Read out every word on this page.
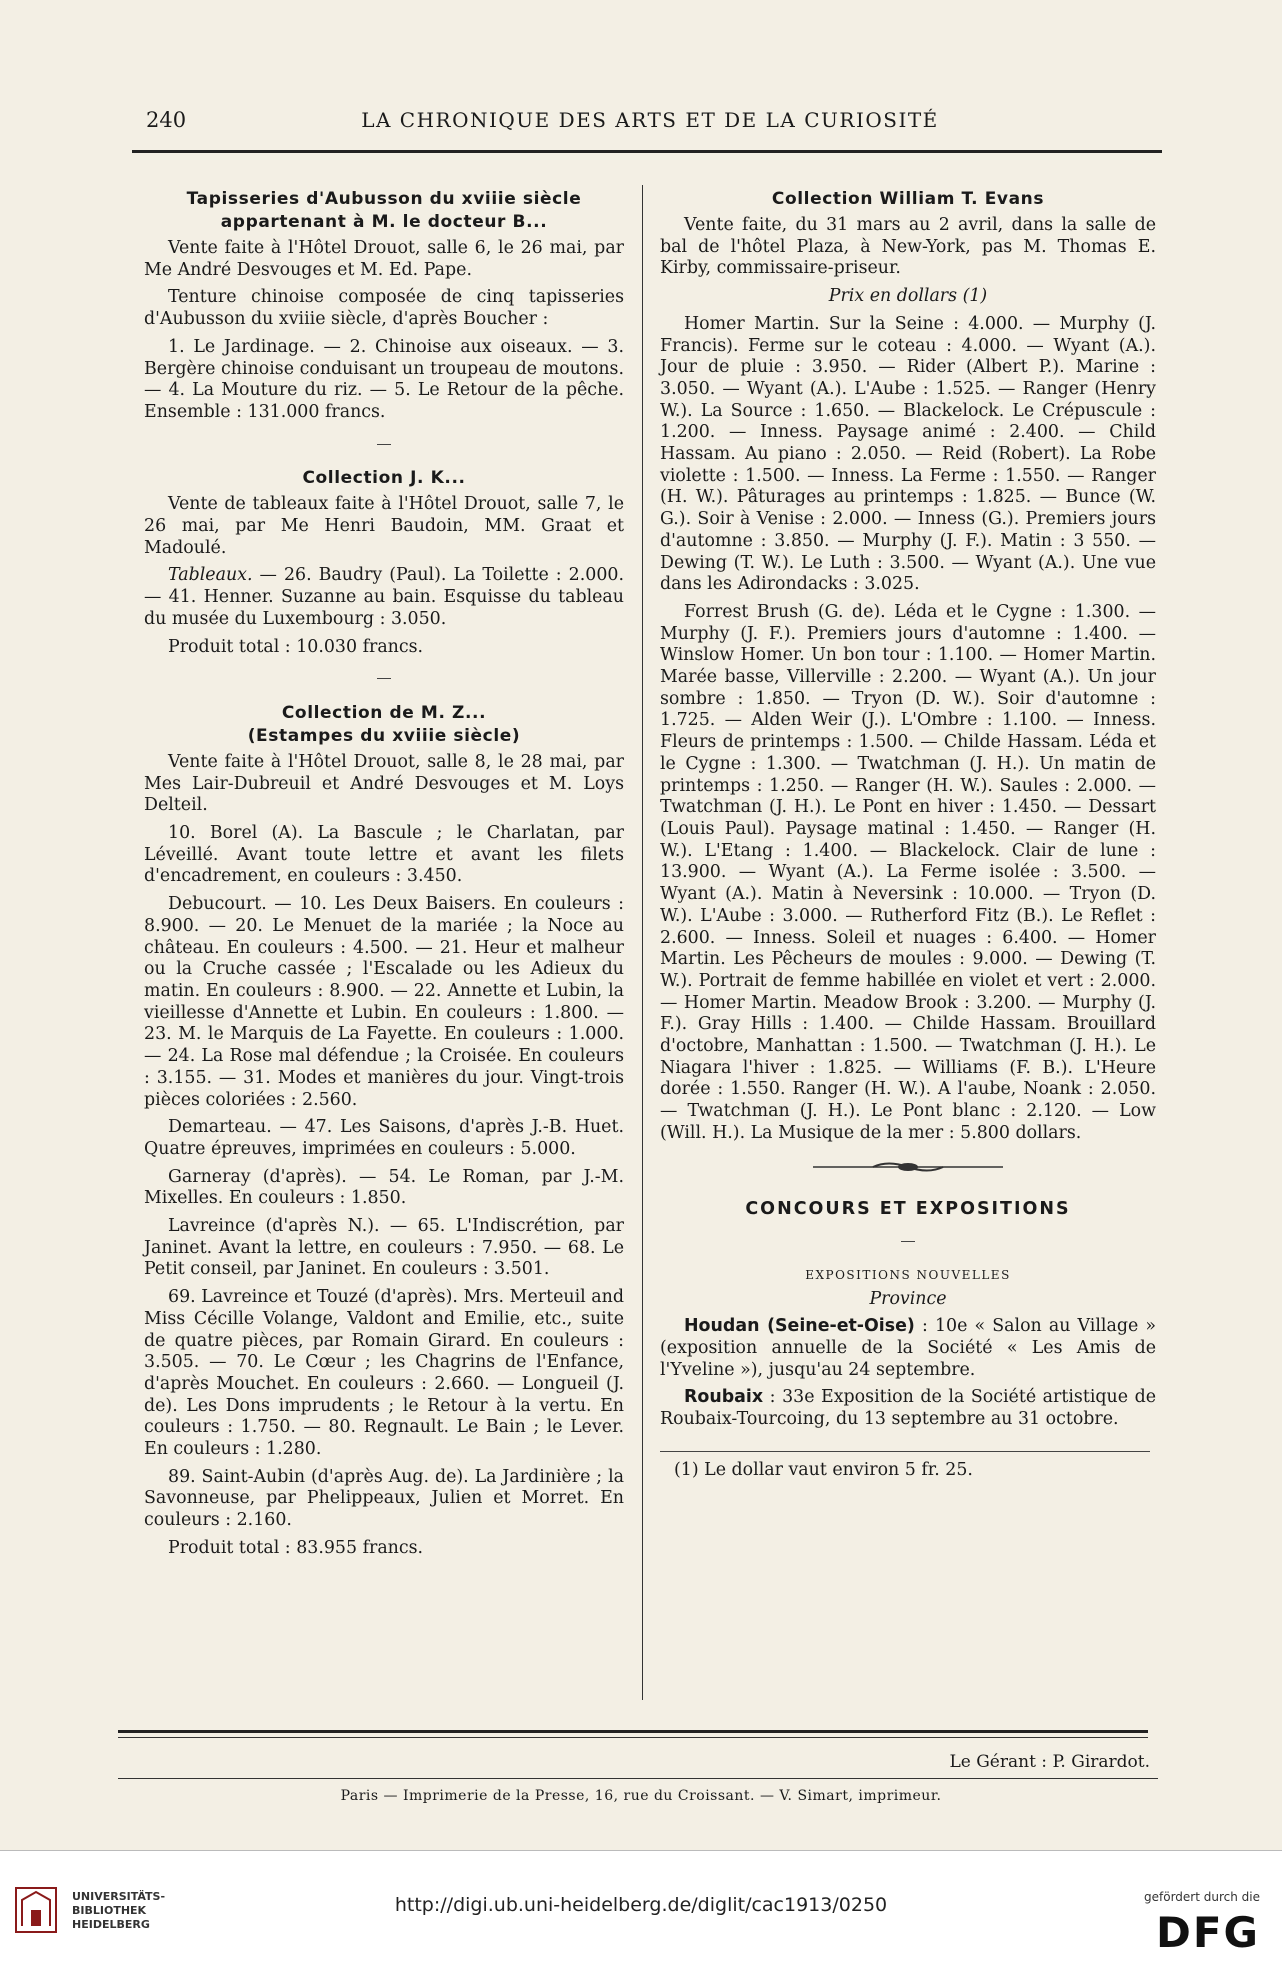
240	LA CHRONIQUE DES ARTS ET DE LA CURIOSITÉ
Tapisseries d'Aubusson du xviiie siècle appartenant à M. le docteur B...

Vente faite à l'Hôtel Drouot, salle 6, le 26 mai, par Me André Desvouges et M. Ed. Pape.

Tenture chinoise composée de cinq tapisseries d'Aubusson du xviiie siècle, d'après Boucher :

1. Le Jardinage. — 2. Chinoise aux oiseaux. — 3. Bergère chinoise conduisant un troupeau de moutons. — 4. La Mouture du riz. — 5. Le Retour de la pêche. Ensemble : 131.000 francs.

Collection J. K...

Vente de tableaux faite à l'Hôtel Drouot, salle 7, le 26 mai, par Me Henri Baudoin, MM. Graat et Madoulé.

Tableaux. — 26. Baudry (Paul). La Toilette : 2.000. — 41. Henner. Suzanne au bain. Esquisse du tableau du musée du Luxembourg : 3.050.

Produit total : 10.030 francs.

Collection de M. Z...
(Estampes du xviiie siècle)

Vente faite à l'Hôtel Drouot, salle 8, le 28 mai, par Mes Lair-Dubreuil et André Desvouges et M. Loys Delteil.

10. Borel (A). La Bascule ; le Charlatan, par Léveillé. Avant toute lettre et avant les filets d'encadrement, en couleurs : 3.450.

Debucourt. — 10. Les Deux Baisers. En couleurs : 8.900. — 20. Le Menuet de la mariée ; la Noce au château. En couleurs : 4.500. — 21. Heur et malheur ou la Cruche cassée ; l'Escalade ou les Adieux du matin. En couleurs : 8.900. — 22. Annette et Lubin, la vieillesse d'Annette et Lubin. En couleurs : 1.800. — 23. M. le Marquis de La Fayette. En couleurs : 1.000. — 24. La Rose mal défendue ; la Croisée. En couleurs : 3.155. — 31. Modes et manières du jour. Vingt-trois pièces coloriées : 2.560.

Demarteau. — 47. Les Saisons, d'après J.-B. Huet. Quatre épreuves, imprimées en couleurs : 5.000.

Garneray (d'après). — 54. Le Roman, par J.-M. Mixelles. En couleurs : 1.850.

Lavreince (d'après N.). — 65. L'Indiscrétion, par Janinet. Avant la lettre, en couleurs : 7.950. — 68. Le Petit conseil, par Janinet. En couleurs : 3.501.

69. Lavreince et Touzé (d'après). Mrs. Merteuil and Miss Cécille Volange, Valdont and Emilie, etc., suite de quatre pièces, par Romain Girard. En couleurs : 3.505. — 70. Le Cœur ; les Chagrins de l'Enfance, d'après Mouchet. En couleurs : 2.660. — Longueil (J. de). Les Dons imprudents ; le Retour à la vertu. En couleurs : 1.750. — 80. Regnault. Le Bain ; le Lever. En couleurs : 1.280.

89. Saint-Aubin (d'après Aug. de). La Jardinière ; la Savonneuse, par Phelippeaux, Julien et Morret. En couleurs : 2.160.

Produit total : 83.955 francs.

Collection William T. Evans

Vente faite, du 31 mars au 2 avril, dans la salle de bal de l'hôtel Plaza, à New-York, pas M. Thomas E. Kirby, commissaire-priseur.

Prix en dollars (1)

Homer Martin. Sur la Seine : 4.000. — Murphy (J. Francis). Ferme sur le coteau : 4.000. — Wyant (A.). Jour de pluie : 3.950. — Rider (Albert P.). Marine : 3.050. — Wyant (A.). L'Aube : 1.525. — Ranger (Henry W.). La Source : 1.650. — Blackelock. Le Crépuscule : 1.200. — Inness. Paysage animé : 2.400. — Child Hassam. Au piano : 2.050. — Reid (Robert). La Robe violette : 1.500. — Inness. La Ferme : 1.550. — Ranger (H. W.). Pâturages au printemps : 1.825. — Bunce (W. G.). Soir à Venise : 2.000. — Inness (G.). Premiers jours d'automne : 3.850. — Murphy (J. F.). Matin : 3 550. — Dewing (T. W.). Le Luth : 3.500. — Wyant (A.). Une vue dans les Adirondacks : 3.025.

Forrest Brush (G. de). Léda et le Cygne : 1.300. — Murphy (J. F.). Premiers jours d'automne : 1.400. — Winslow Homer. Un bon tour : 1.100. — Homer Martin. Marée basse, Villerville : 2.200. — Wyant (A.). Un jour sombre : 1.850. — Tryon (D. W.). Soir d'automne : 1.725. — Alden Weir (J.). L'Ombre : 1.100. — Inness. Fleurs de printemps : 1.500. — Childe Hassam. Léda et le Cygne : 1.300. — Twatchman (J. H.). Un matin de printemps : 1.250. — Ranger (H. W.). Saules : 2.000. — Twatchman (J. H.). Le Pont en hiver : 1.450. — Dessart (Louis Paul). Paysage matinal : 1.450. — Ranger (H. W.). L'Etang : 1.400. — Blackelock. Clair de lune : 13.900. — Wyant (A.). La Ferme isolée : 3.500. — Wyant (A.). Matin à Neversink : 10.000. — Tryon (D. W.). L'Aube : 3.000. — Rutherford Fitz (B.). Le Reflet : 2.600. — Inness. Soleil et nuages : 6.400. — Homer Martin. Les Pêcheurs de moules : 9.000. — Dewing (T. W.). Portrait de femme habillée en violet et vert : 2.000. — Homer Martin. Meadow Brook : 3.200. — Murphy (J. F.). Gray Hills : 1.400. — Childe Hassam. Brouillard d'octobre, Manhattan : 1.500. — Twatchman (J. H.). Le Niagara l'hiver : 1.825. — Williams (F. B.). L'Heure dorée : 1.550. Ranger (H. W.). A l'aube, Noank : 2.050. — Twatchman (J. H.). Le Pont blanc : 2.120. — Low (Will. H.). La Musique de la mer : 5.800 dollars.

CONCOURS ET EXPOSITIONS
EXPOSITIONS NOUVELLES

Province

Houdan (Seine-et-Oise) : 10e « Salon au Village » (exposition annuelle de la Société « Les Amis de l'Yveline »), jusqu'au 24 septembre.

Roubaix : 33e Exposition de la Société artistique de Roubaix-Tourcoing, du 13 septembre au 31 octobre.

(1) Le dollar vaut environ 5 fr. 25.

Le Gérant : P. Girardot.
Paris — Imprimerie de la Presse, 16, rue du Croissant. — V. Simart, imprimeur.
UNIVERSITÄTS-
BIBLIOTHEK
HEIDELBERG
http://digi.ub.uni-heidelberg.de/diglit/cac1913/0250	gefördert durch die
DFG
